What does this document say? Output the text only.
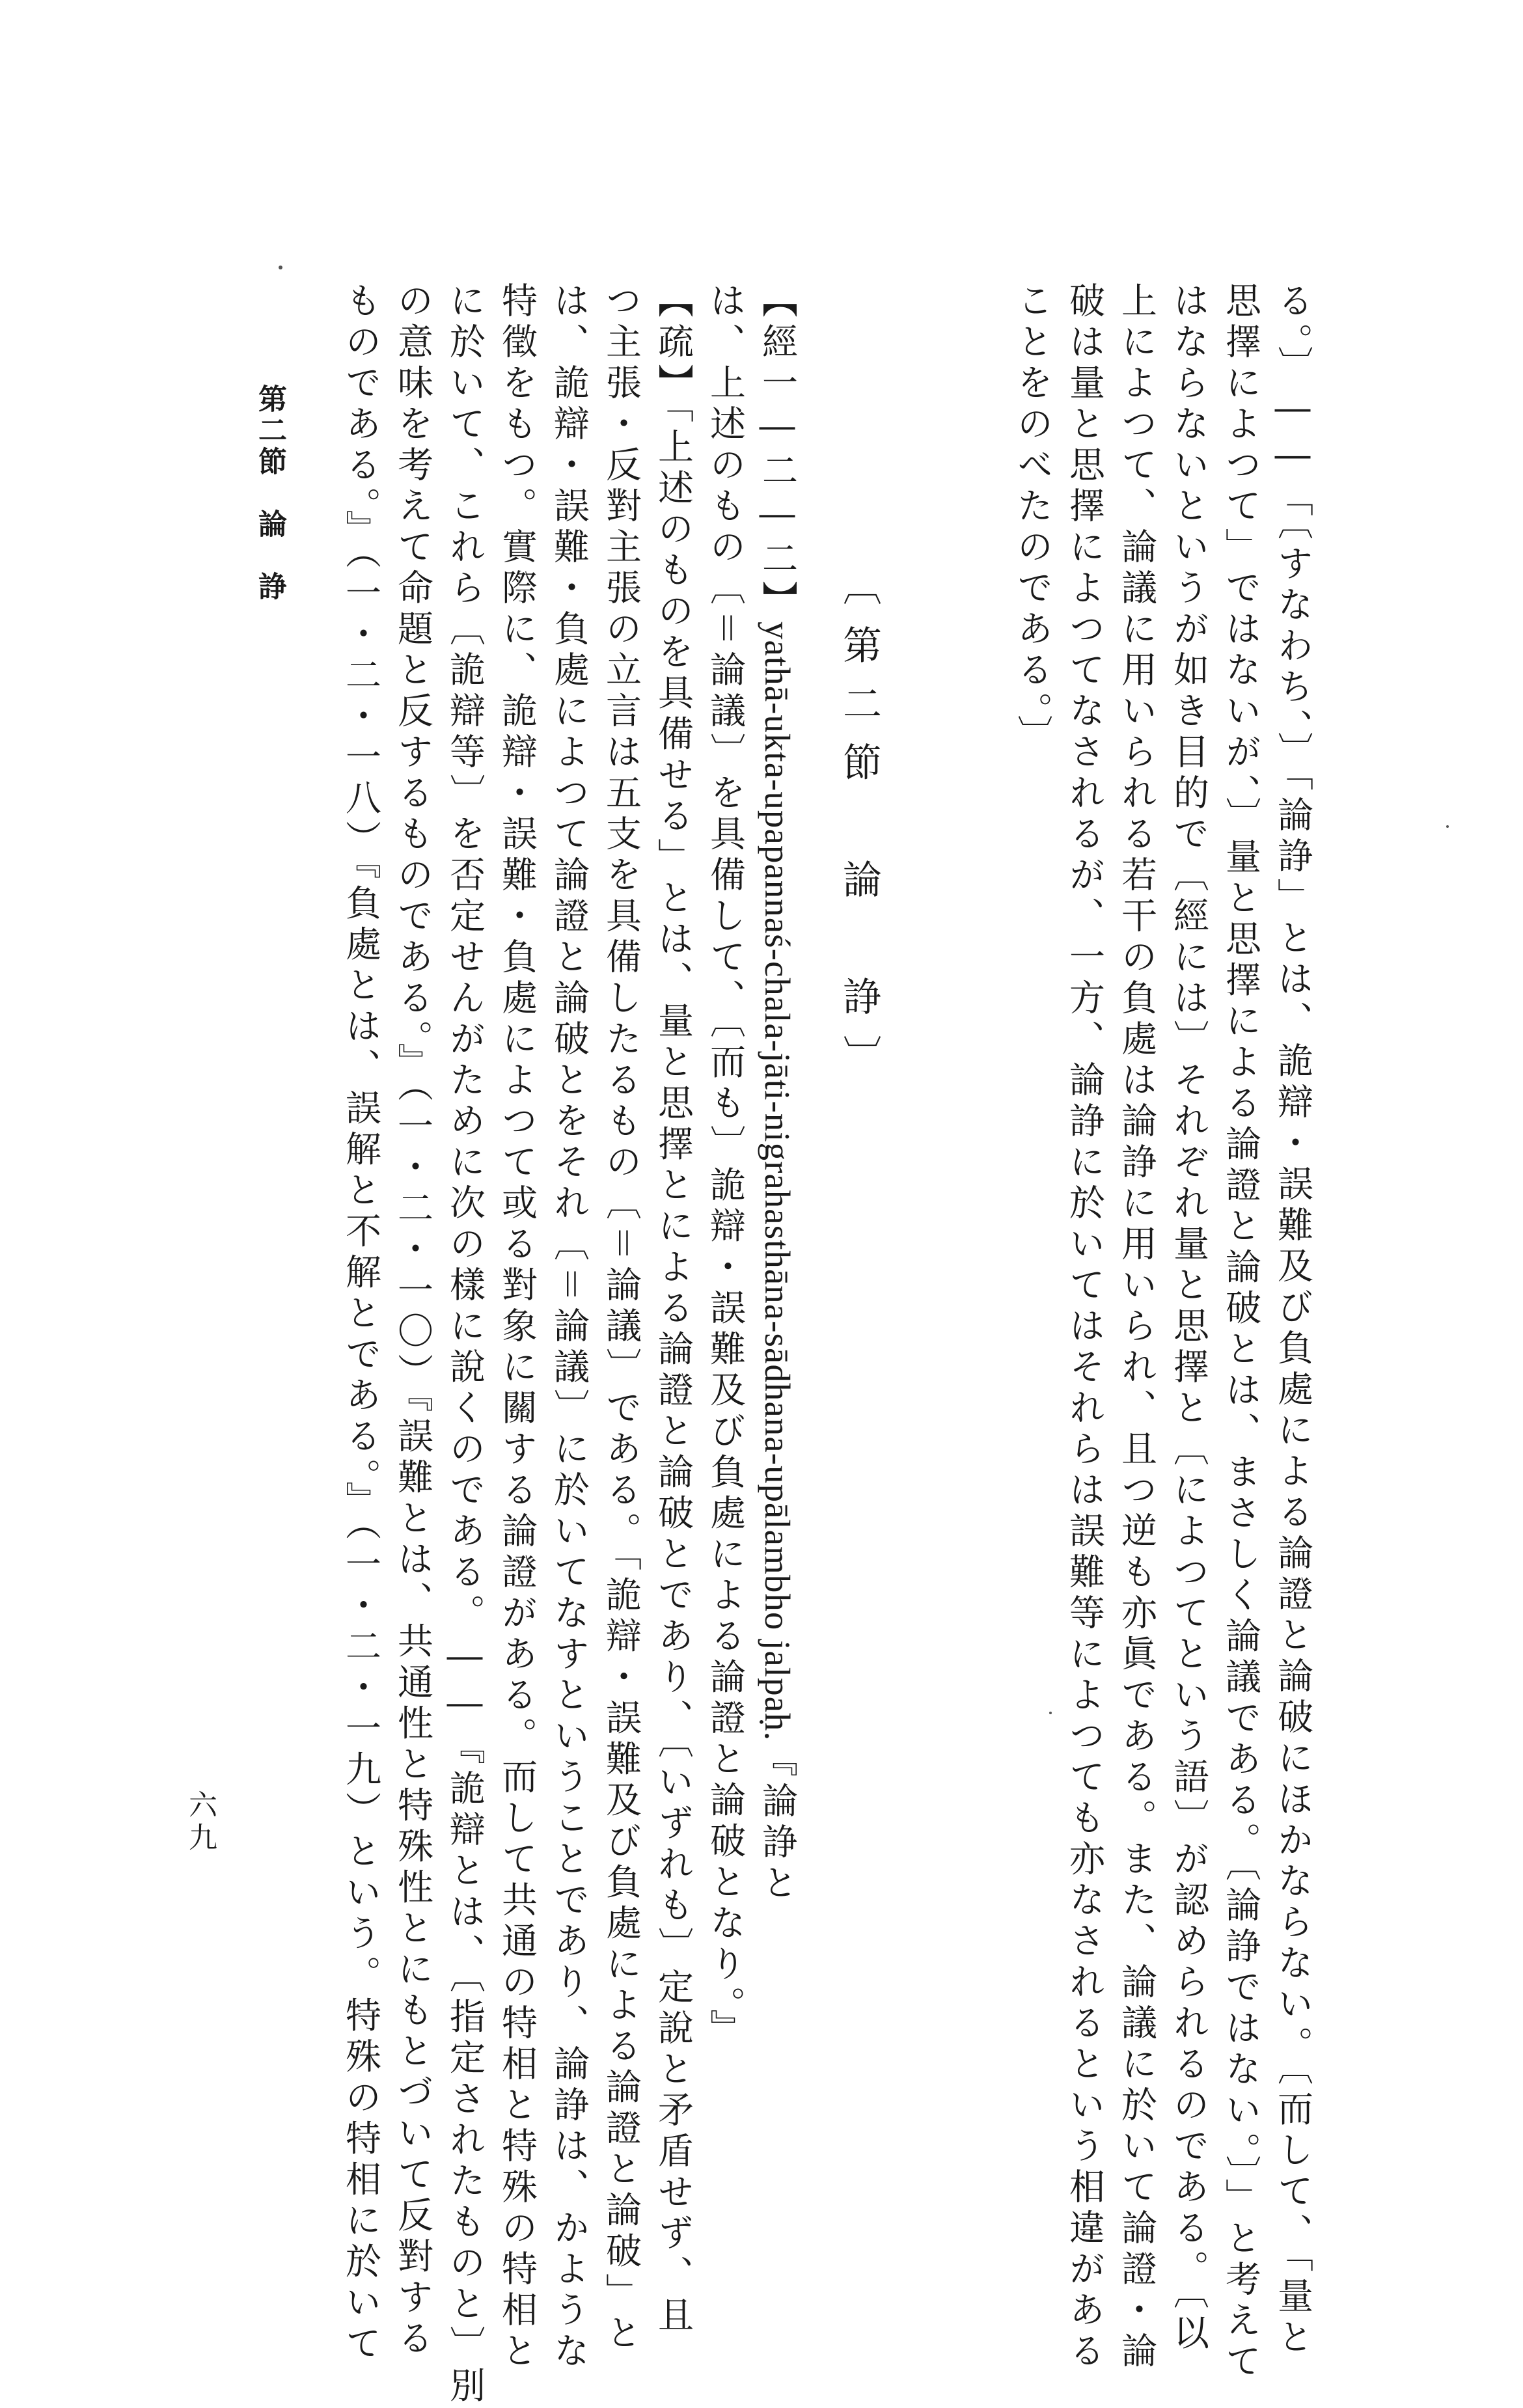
る。〕――「〔すなわち、〕「論諍」とは、詭辯・誤難及び負處による論證と論破にほかならない。〔而して、「量と
思擇によつて」ではないが、〕量と思擇による論證と論破とは、まさしく論議である。〔論諍ではない。〕」と考えて
はならないというが如き目的で〔經には〕それぞれ量と思擇と〔によつてという語〕が認められるのである。〔以
上によつて、論議に用いられる若干の負處は論諍に用いられ、且つ逆も亦眞である。また、論議に於いて論證・論
破は量と思擇によつてなされるが、一方、論諍に於いてはそれらは誤難等によつても亦なされるという相違がある
ことをのべたのである。〕
〔第二節　論　諍〕
【經一―二―二】yathā-ukta-upapannaś-chala-jāti-nigrahasthāna-sādhana-upālambho jalpaḥ.『論諍と
は、上述のもの〔＝論議〕を具備して、〔而も〕詭辯・誤難及び負處による論證と論破となり。』
【疏】「上述のものを具備せる」とは、量と思擇とによる論證と論破とであり、〔いずれも〕定說と矛盾せず、且
つ主張・反對主張の立言は五支を具備したるもの〔＝論議〕である。「詭辯・誤難及び負處による論證と論破」と
は、詭辯・誤難・負處によつて論證と論破とをそれ〔＝論議〕に於いてなすということであり、論諍は、かような
特徵をもつ。實際に、詭辯・誤難・負處によつて或る對象に關する論證がある。而して共通の特相と特殊の特相と
に於いて、これら〔詭辯等〕を否定せんがために次の樣に說くのである。――『詭辯とは、〔指定されたものと〕別
の意味を考えて命題と反するものである。』（一・二・一〇）『誤難とは、共通性と特殊性とにもとづいて反對する
ものである。』（一・二・一八）『負處とは、誤解と不解とである。』（一・二・一九）という。特殊の特相に於いて
第二節　論　諍
六九
